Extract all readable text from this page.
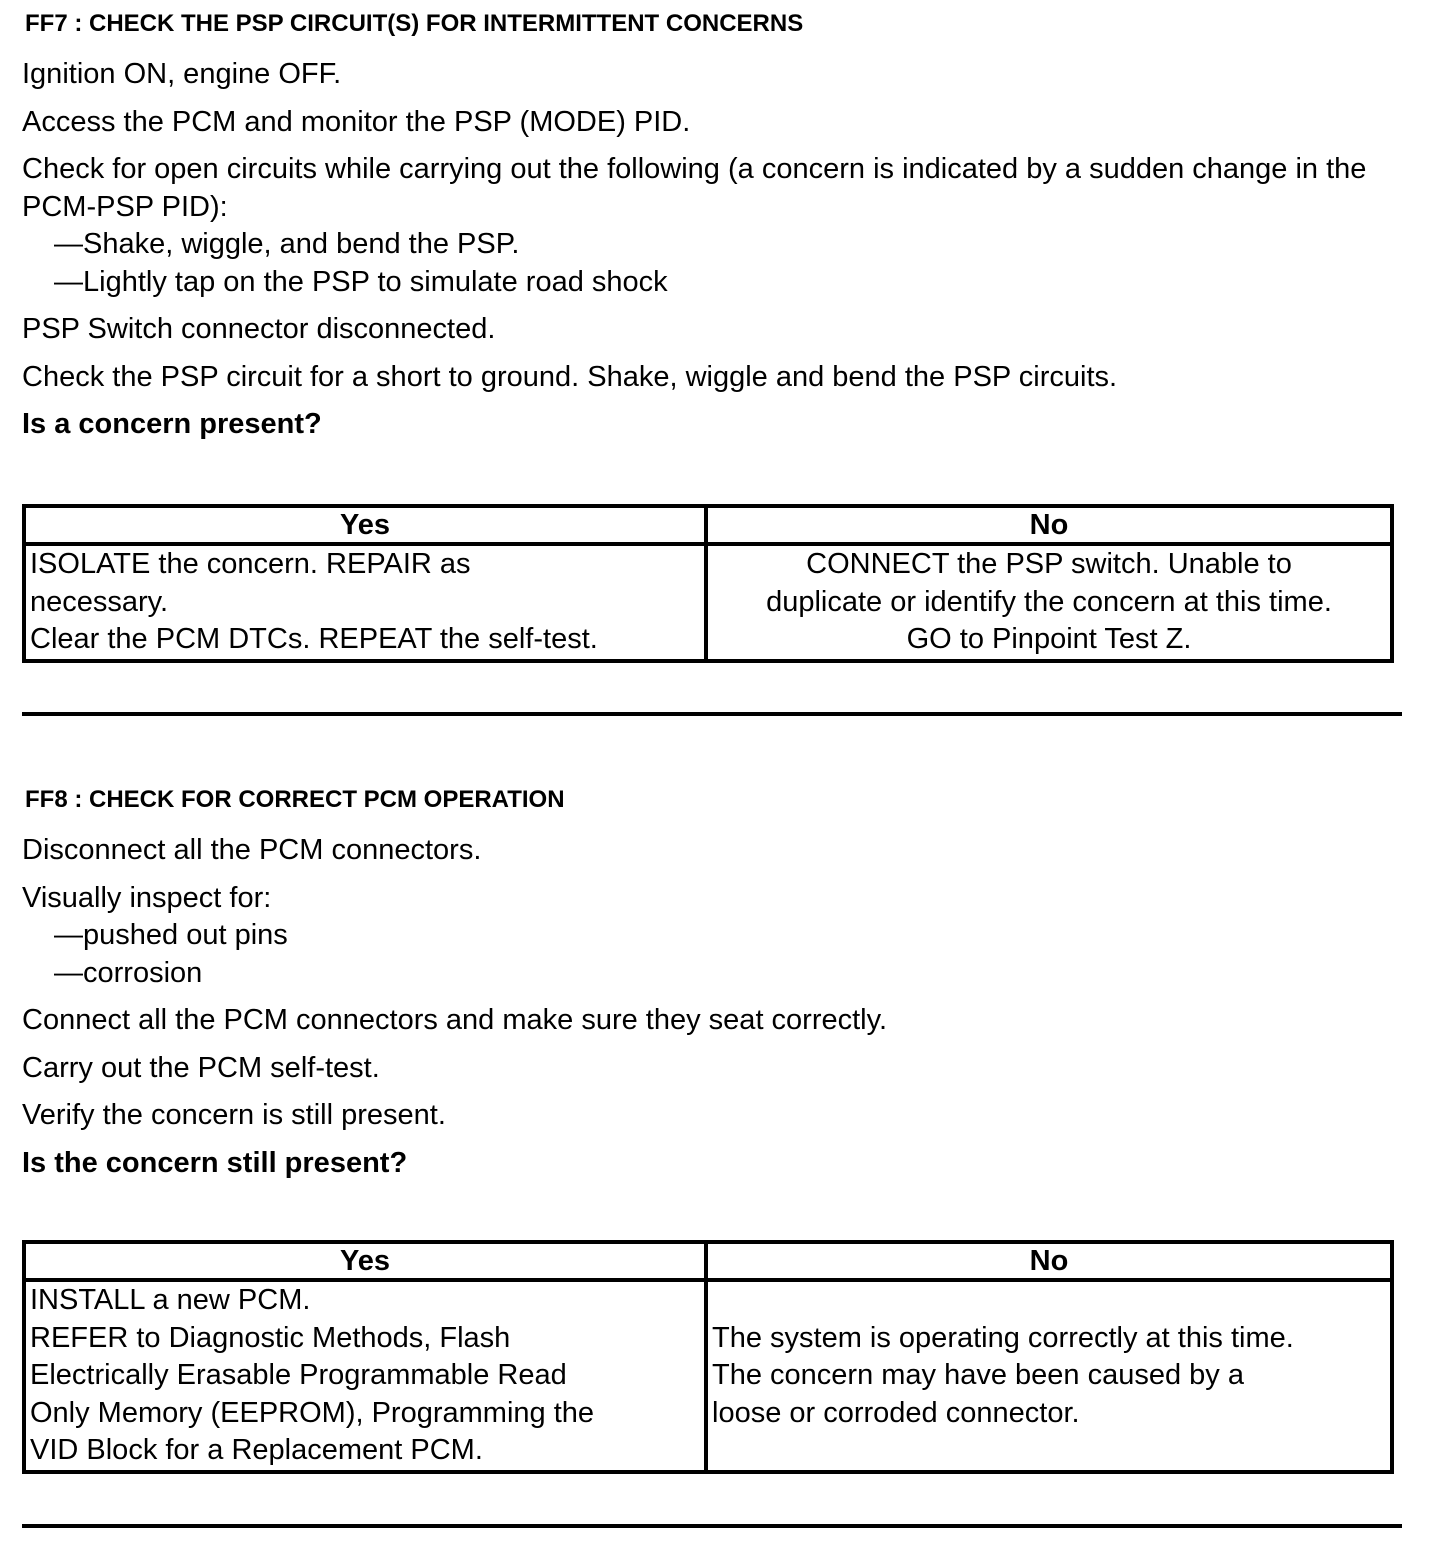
FF7 : CHECK THE PSP CIRCUIT(S) FOR INTERMITTENT CONCERNS
Ignition ON, engine OFF.
Access the PCM and monitor the PSP (MODE) PID.
Check for open circuits while carrying out the following (a concern is indicated by a sudden change in the PCM-PSP PID):
—Shake, wiggle, and bend the PSP.
—Lightly tap on the PSP to simulate road shock
PSP Switch connector disconnected.
Check the PSP circuit for a short to ground. Shake, wiggle and bend the PSP circuits.
Is a concern present?
Yes	No

ISOLATE the concern. REPAIR as
necessary.
Clear the PCM DTCs. REPEAT the self-test.	CONNECT the PSP switch. Unable to
duplicate or identify the concern at this time.
GO to Pinpoint Test Z.
FF8 : CHECK FOR CORRECT PCM OPERATION
Disconnect all the PCM connectors.
Visually inspect for:
—pushed out pins
—corrosion
Connect all the PCM connectors and make sure they seat correctly.
Carry out the PCM self-test.
Verify the concern is still present.
Is the concern still present?
Yes	No

INSTALL a new PCM.
REFER to Diagnostic Methods, Flash
Electrically Erasable Programmable Read
Only Memory (EEPROM), Programming the
VID Block for a Replacement PCM.	The system is operating correctly at this time.
The concern may have been caused by a
loose or corroded connector.
